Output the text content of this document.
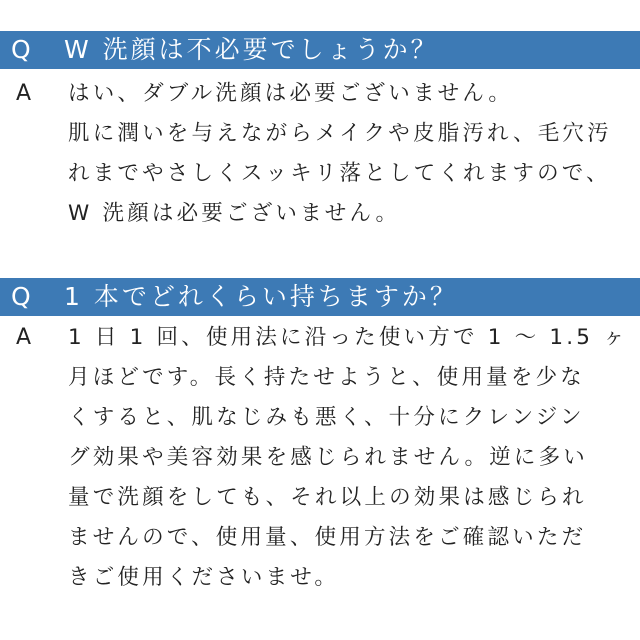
Q W 洗顔は不必要でしょうか？
A はい、ダブル洗顔は必要ございません。
肌に潤いを与えながらメイクや皮脂汚れ、毛穴汚
れまでやさしくスッキリ落としてくれますので、
W 洗顔は必要ございません。
Q 1 本でどれくらい持ちますか？
A 1 日 1 回、使用法に沿った使い方で 1 ～ 1.5 ヶ
月ほどです。長く持たせようと、使用量を少な
くすると、肌なじみも悪く、十分にクレンジン
グ効果や美容効果を感じられません。逆に多い
量で洗顔をしても、それ以上の効果は感じられ
ませんので、使用量、使用方法をご確認いただ
きご使用くださいませ。
